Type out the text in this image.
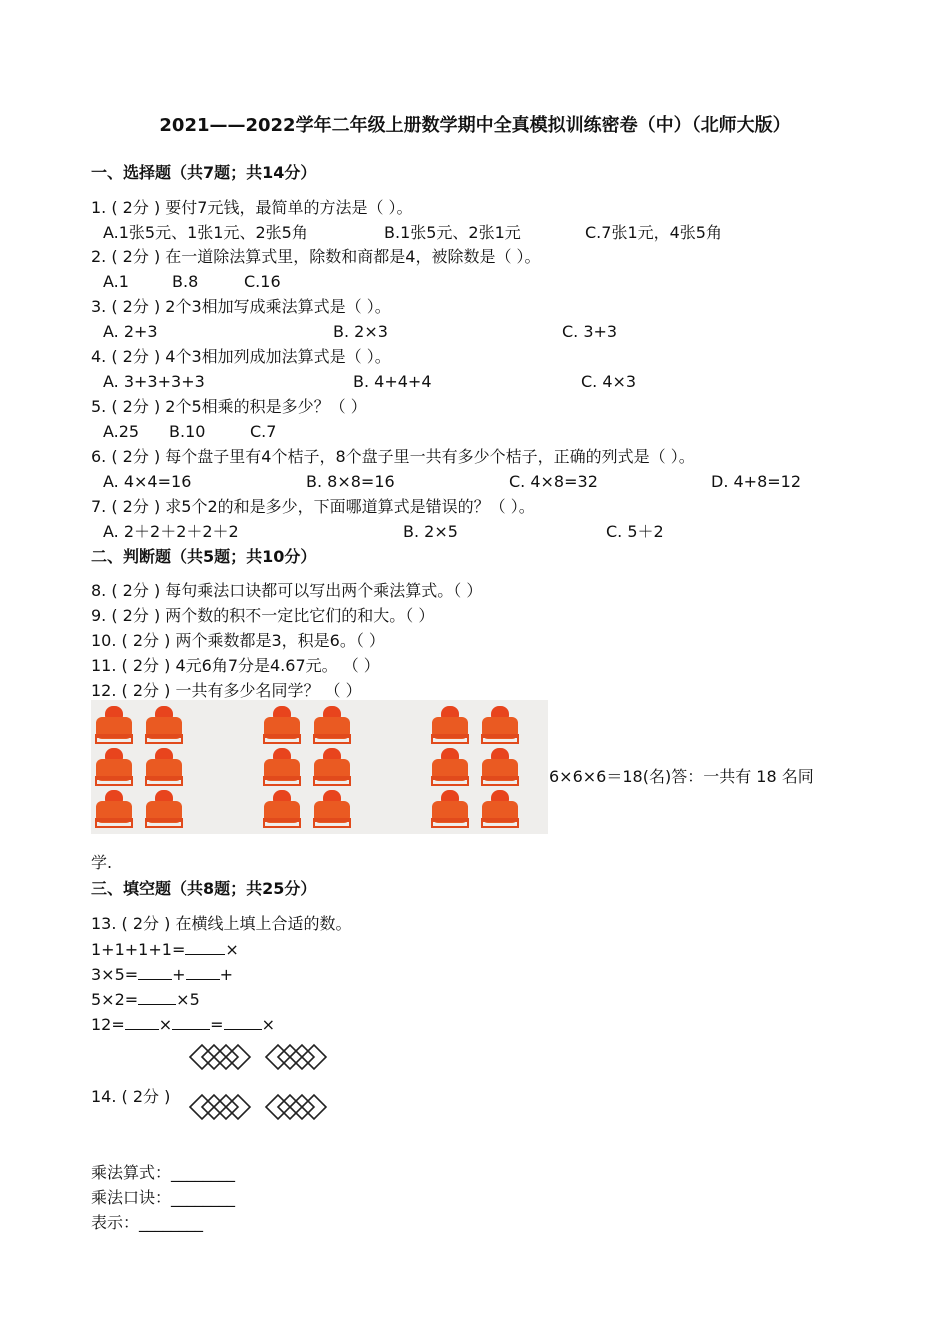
2021——2022学年二年级上册数学期中全真模拟训练密卷（中）（北师大版）
一、选择题（共7题；共14分）
1. ( 2分 ) 要付7元钱，最简单的方法是（ ）。
A.1张5元、1张1元、2张5角	B.1张5元、2张1元	C.7张1元，4张5角
2. ( 2分 ) 在一道除法算式里，除数和商都是4，被除数是（ ）。
A.1	B.8	C.16
3. ( 2分 ) 2个3相加写成乘法算式是（ ）。
A. 2+3	B. 2×3	C. 3+3
4. ( 2分 ) 4个3相加列成加法算式是（ ）。
A. 3+3+3+3	B. 4+4+4	C. 4×3
5. ( 2分 ) 2个5相乘的积是多少？（ ）
A.25 B.10	C.7
6. ( 2分 ) 每个盘子里有4个桔子，8个盘子里一共有多少个桔子，正确的列式是（ ）。
A. 4×4=16	B. 8×8=16	C. 4×8=32	D. 4+8=12
7. ( 2分 ) 求5个2的和是多少，下面哪道算式是错误的？（ ）。
A. 2＋2＋2＋2＋2	B. 2×5	C. 5＋2
二、判断题（共5题；共10分）
8. ( 2分 ) 每句乘法口诀都可以写出两个乘法算式。（ ）
9. ( 2分 ) 两个数的积不一定比它们的和大。（ ）
10. ( 2分 ) 两个乘数都是3，积是6。（ ）
11. ( 2分 ) 4元6角7分是4.67元。 （ ）
12. ( 2分 ) 一共有多少名同学？ （ ）
6×6×6＝18(名)答：一共有 18 名同
学.
三、填空题（共8题；共25分）
13. ( 2分 ) 在横线上填上合适的数。
1+1+1+1=	×
3×5= + +
5×2= ×5
12= × = ×
14. ( 2分 )
乘法算式：________
乘法口诀：________
表示：________
